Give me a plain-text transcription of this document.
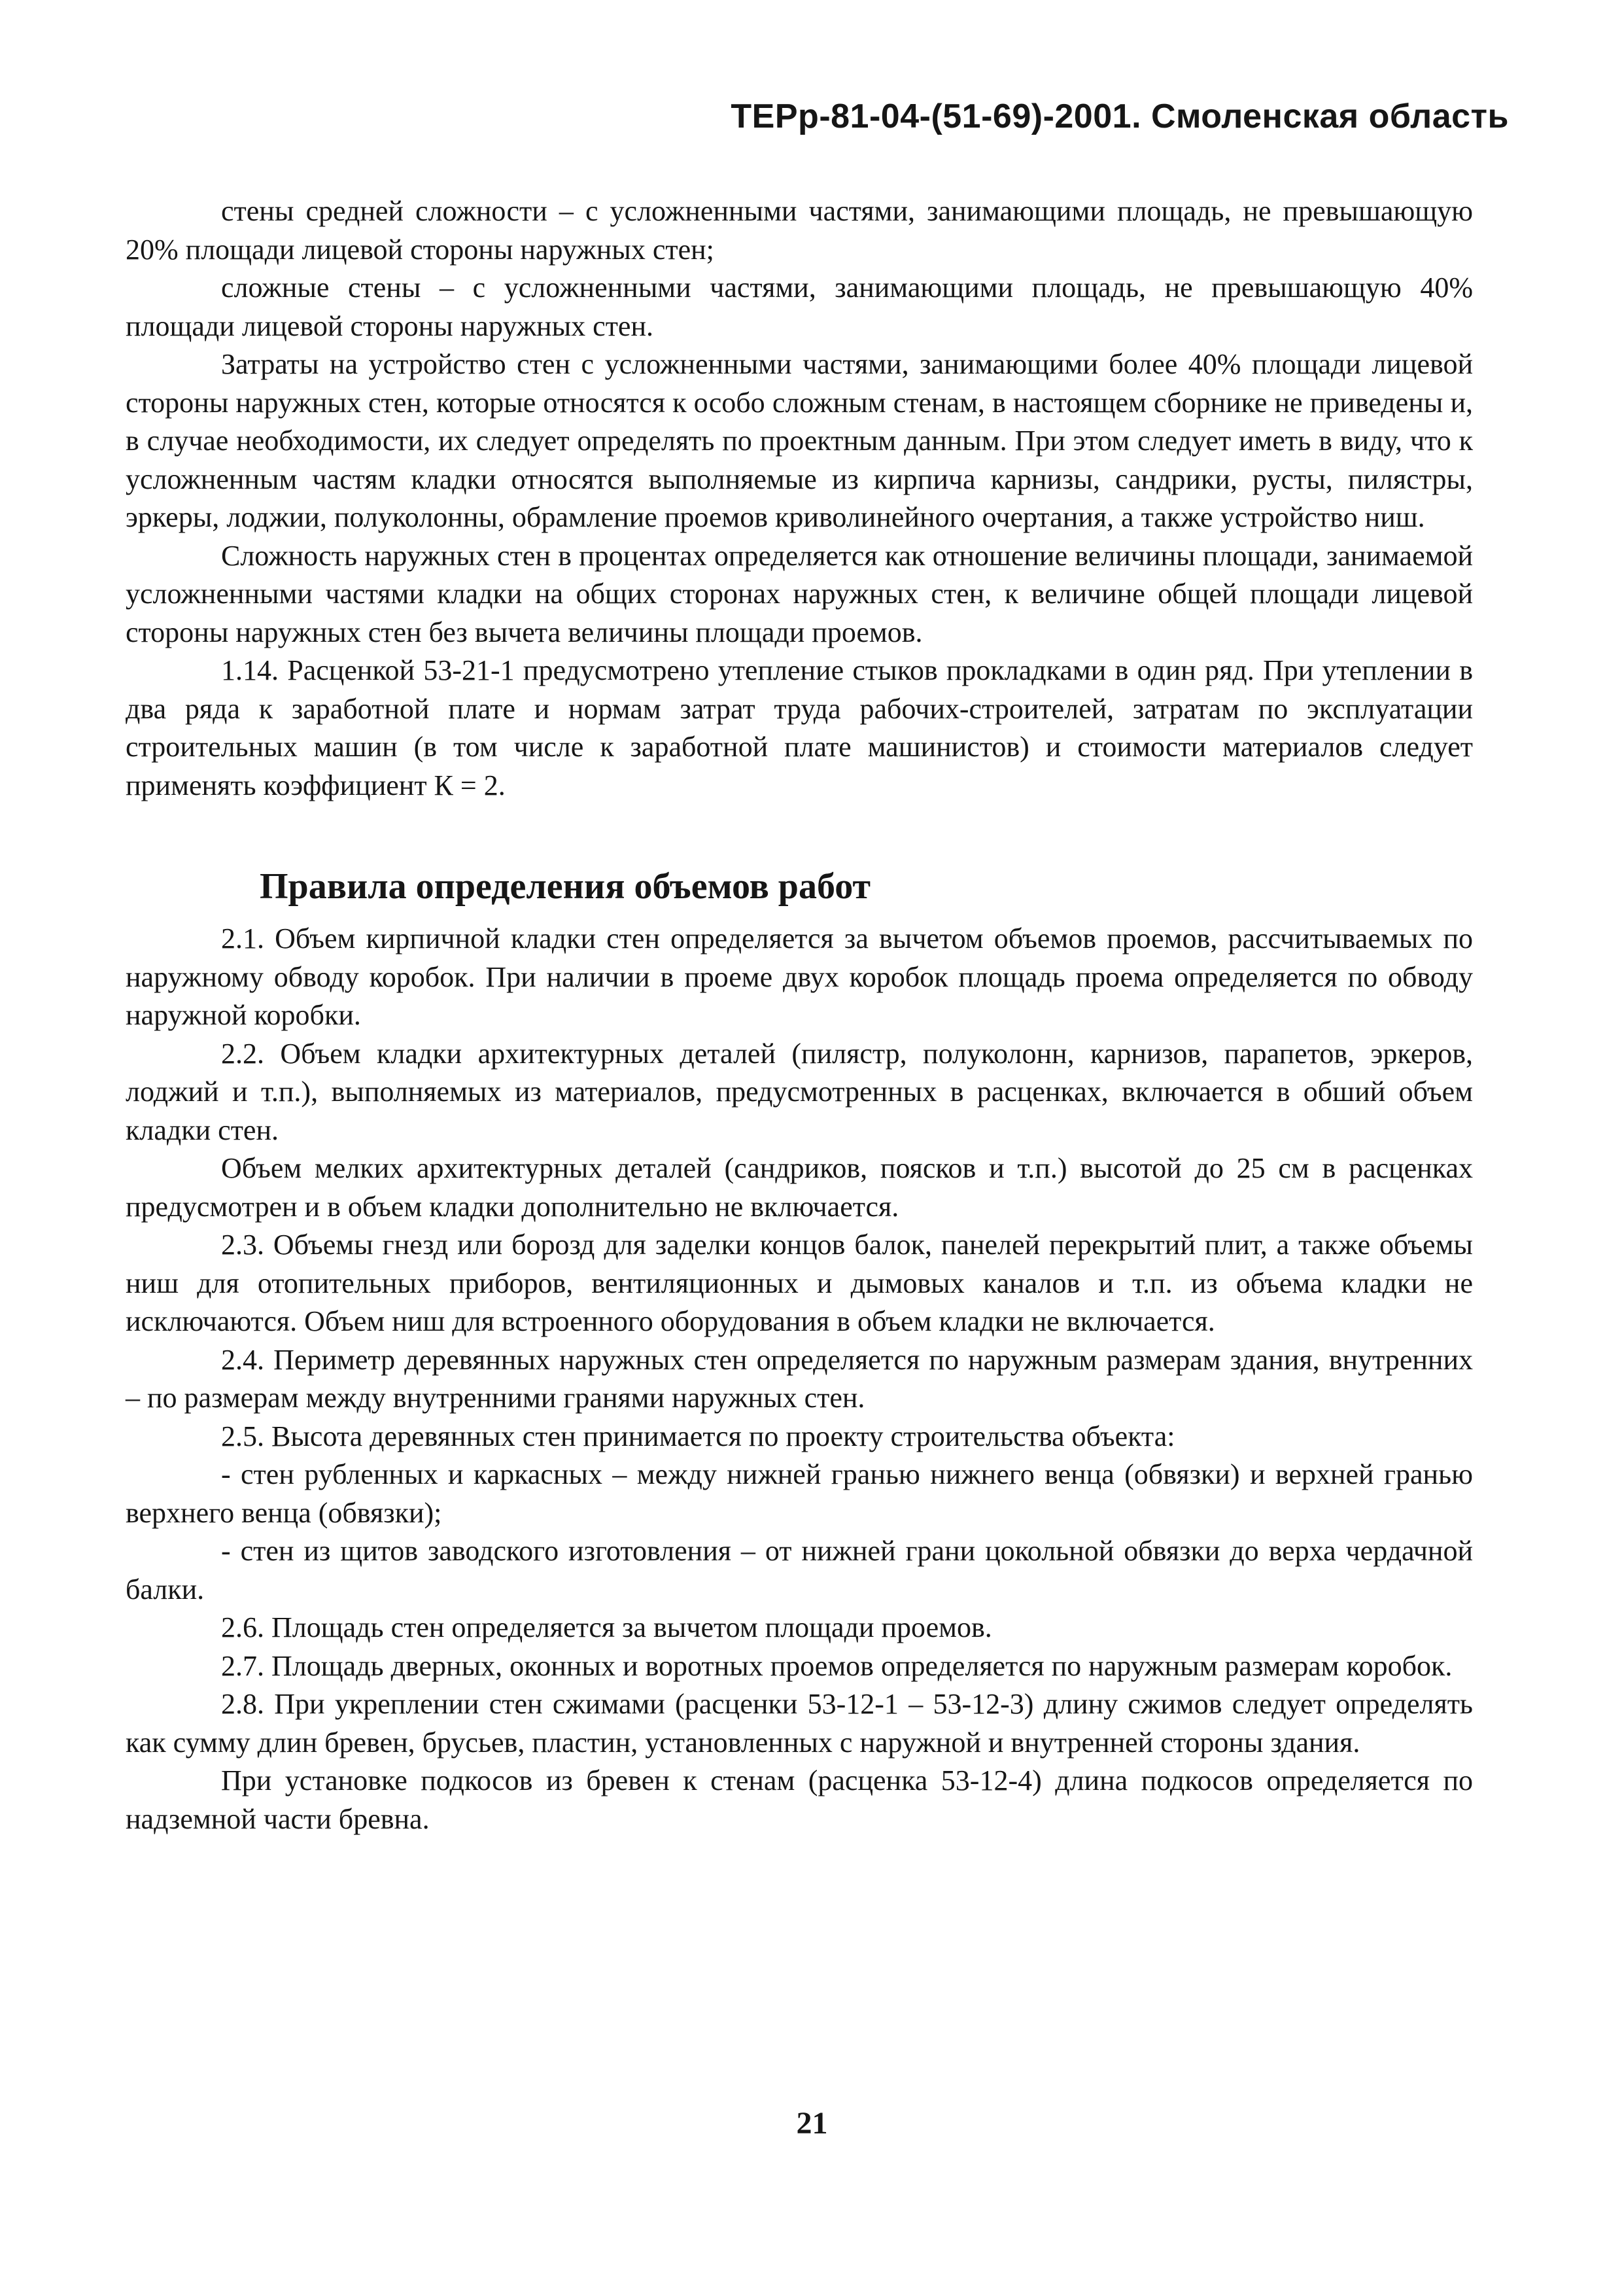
ТЕРр-81-04-(51-69)-2001. Смоленская область

стены средней сложности – с усложненными частями, занимающими площадь, не превышающую 20% площади лицевой стороны наружных стен;

сложные стены – с усложненными частями, занимающими площадь, не превышающую 40% площади лицевой стороны наружных стен.

Затраты на устройство стен с усложненными частями, занимающими более 40% площади лицевой стороны наружных стен, которые относятся к особо сложным стенам, в настоящем сборнике не приведены и, в случае необходимости, их следует определять по проектным данным. При этом следует иметь в виду, что к усложненным частям кладки относятся выполняемые из кирпича карнизы, сандрики, русты, пилястры, эркеры, лоджии, полуколонны, обрамление проемов криволинейного очертания, а также устройство ниш.

Сложность наружных стен в процентах определяется как отношение величины площади, занимаемой усложненными частями кладки на общих сторонах наружных стен, к величине общей площади лицевой стороны наружных стен без вычета величины площади проемов.

1.14. Расценкой 53-21-1 предусмотрено утепление стыков прокладками в один ряд. При утеплении в два ряда к заработной плате и нормам затрат труда рабочих-строителей, затратам по эксплуатации строительных машин (в том числе к заработной плате машинистов) и стоимости материалов следует применять коэффициент К = 2.

Правила определения объемов работ

2.1. Объем кирпичной кладки стен определяется за вычетом объемов проемов, рассчитываемых по наружному обводу коробок. При наличии в проеме двух коробок площадь проема определяется по обводу наружной коробки.

2.2. Объем кладки архитектурных деталей (пилястр, полуколонн, карнизов, парапетов, эркеров, лоджий и т.п.), выполняемых из материалов, предусмотренных в расценках, включается в обший объем кладки стен.

Объем мелких архитектурных деталей (сандриков, поясков и т.п.) высотой до 25 см в расценках предусмотрен и в объем кладки дополнительно не включается.

2.3. Объемы гнезд или борозд для заделки концов балок, панелей перекрытий плит, а также объемы ниш для отопительных приборов, вентиляционных и дымовых каналов и т.п. из объема кладки не исключаются. Объем ниш для встроенного оборудования в объем кладки не включается.

2.4. Периметр деревянных наружных стен определяется по наружным размерам здания, внутренних – по размерам между внутренними гранями наружных стен.

2.5. Высота деревянных стен принимается по проекту строительства объекта:

- стен рубленных и каркасных – между нижней гранью нижнего венца (обвязки) и верхней гранью верхнего венца (обвязки);

- стен из щитов заводского изготовления – от нижней грани цокольной обвязки до верха чердачной балки.

2.6. Площадь стен определяется за вычетом площади проемов.

2.7. Площадь дверных, оконных и воротных проемов определяется по наружным размерам коробок.

2.8. При укреплении стен сжимами (расценки 53-12-1 – 53-12-3) длину сжимов следует определять как сумму длин бревен, брусьев, пластин, установленных с наружной и внутренней стороны здания.

При установке подкосов из бревен к стенам (расценка 53-12-4) длина подкосов определяется по надземной части бревна.

21
